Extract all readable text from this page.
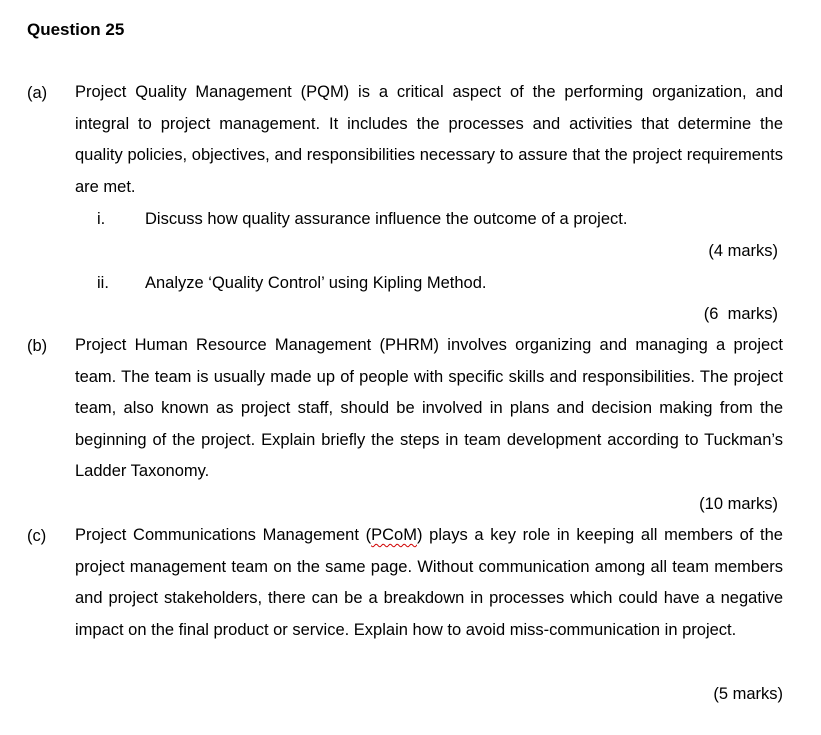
Question 25
(a) Project Quality Management (PQM) is a critical aspect of the performing organization, and integral to project management. It includes the processes and activities that determine the quality policies, objectives, and responsibilities necessary to assure that the project requirements are met.
i. Discuss how quality assurance influence the outcome of a project.
(4 marks)
ii. Analyze ‘Quality Control’ using Kipling Method.
(6  marks)
(b) Project Human Resource Management (PHRM) involves organizing and managing a project team. The team is usually made up of people with specific skills and responsibilities. The project team, also known as project staff, should be involved in plans and decision making from the beginning of the project. Explain briefly the steps in team development according to Tuckman’s Ladder Taxonomy.
(10 marks)
(c) Project Communications Management (PCoM) plays a key role in keeping all members of the project management team on the same page. Without communication among all team members and project stakeholders, there can be a breakdown in processes which could have a negative impact on the final product or service. Explain how to avoid miss-communication in project.
(5 marks)
